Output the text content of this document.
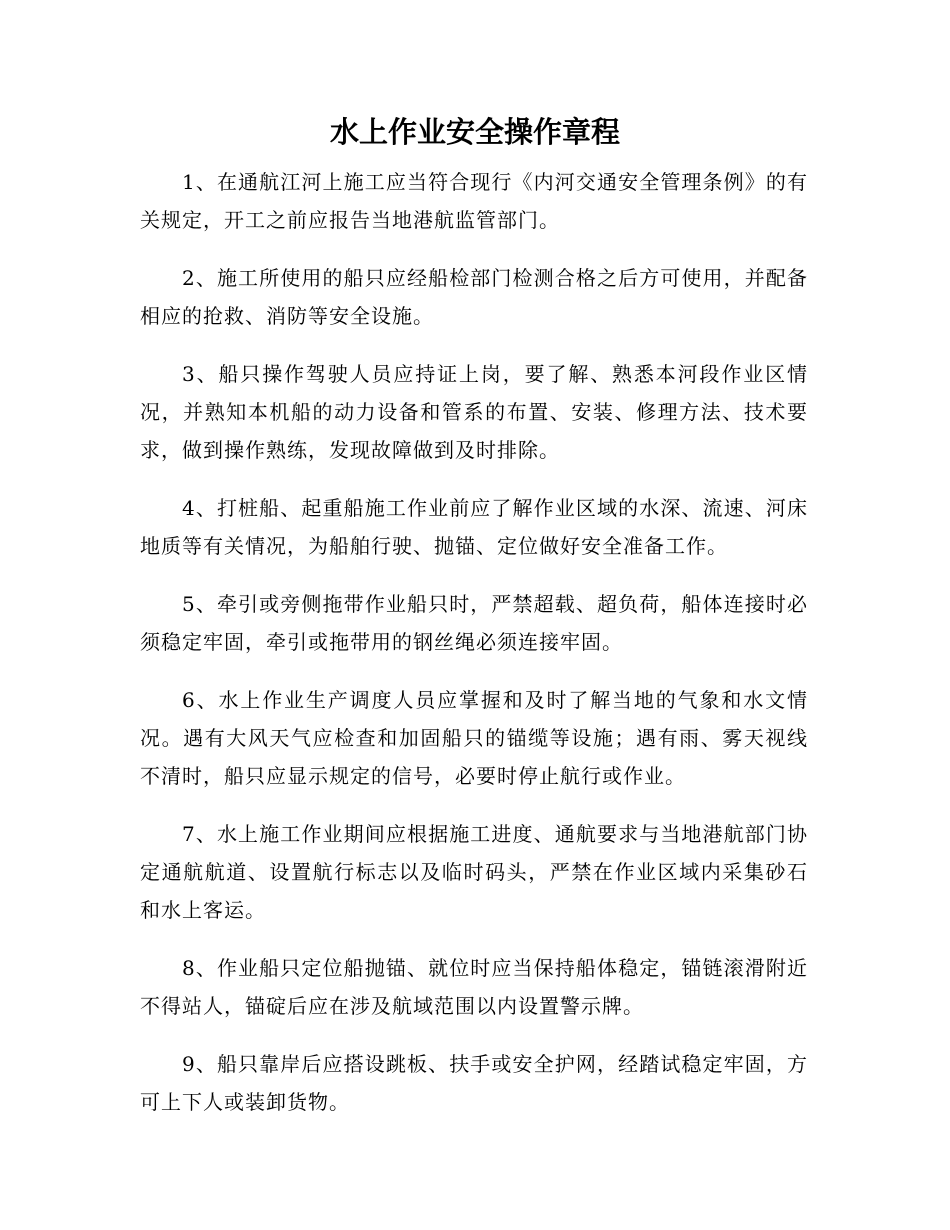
水上作业安全操作章程

1、在通航江河上施工应当符合现行《内河交通安全管理条例》的有关规定，开工之前应报告当地港航监管部门。

2、施工所使用的船只应经船检部门检测合格之后方可使用，并配备相应的抢救、消防等安全设施。

3、船只操作驾驶人员应持证上岗，要了解、熟悉本河段作业区情况，并熟知本机船的动力设备和管系的布置、安装、修理方法、技术要求，做到操作熟练，发现故障做到及时排除。

4、打桩船、起重船施工作业前应了解作业区域的水深、流速、河床地质等有关情况，为船舶行驶、抛锚、定位做好安全准备工作。

5、牵引或旁侧拖带作业船只时，严禁超载、超负荷，船体连接时必须稳定牢固，牵引或拖带用的钢丝绳必须连接牢固。

6、水上作业生产调度人员应掌握和及时了解当地的气象和水文情况。遇有大风天气应检查和加固船只的锚缆等设施；遇有雨、雾天视线不清时，船只应显示规定的信号，必要时停止航行或作业。

7、水上施工作业期间应根据施工进度、通航要求与当地港航部门协定通航航道、设置航行标志以及临时码头，严禁在作业区域内采集砂石和水上客运。

8、作业船只定位船抛锚、就位时应当保持船体稳定，锚链滚滑附近不得站人，锚碇后应在涉及航域范围以内设置警示牌。

9、船只靠岸后应搭设跳板、扶手或安全护网，经踏试稳定牢固，方可上下人或装卸货物。
